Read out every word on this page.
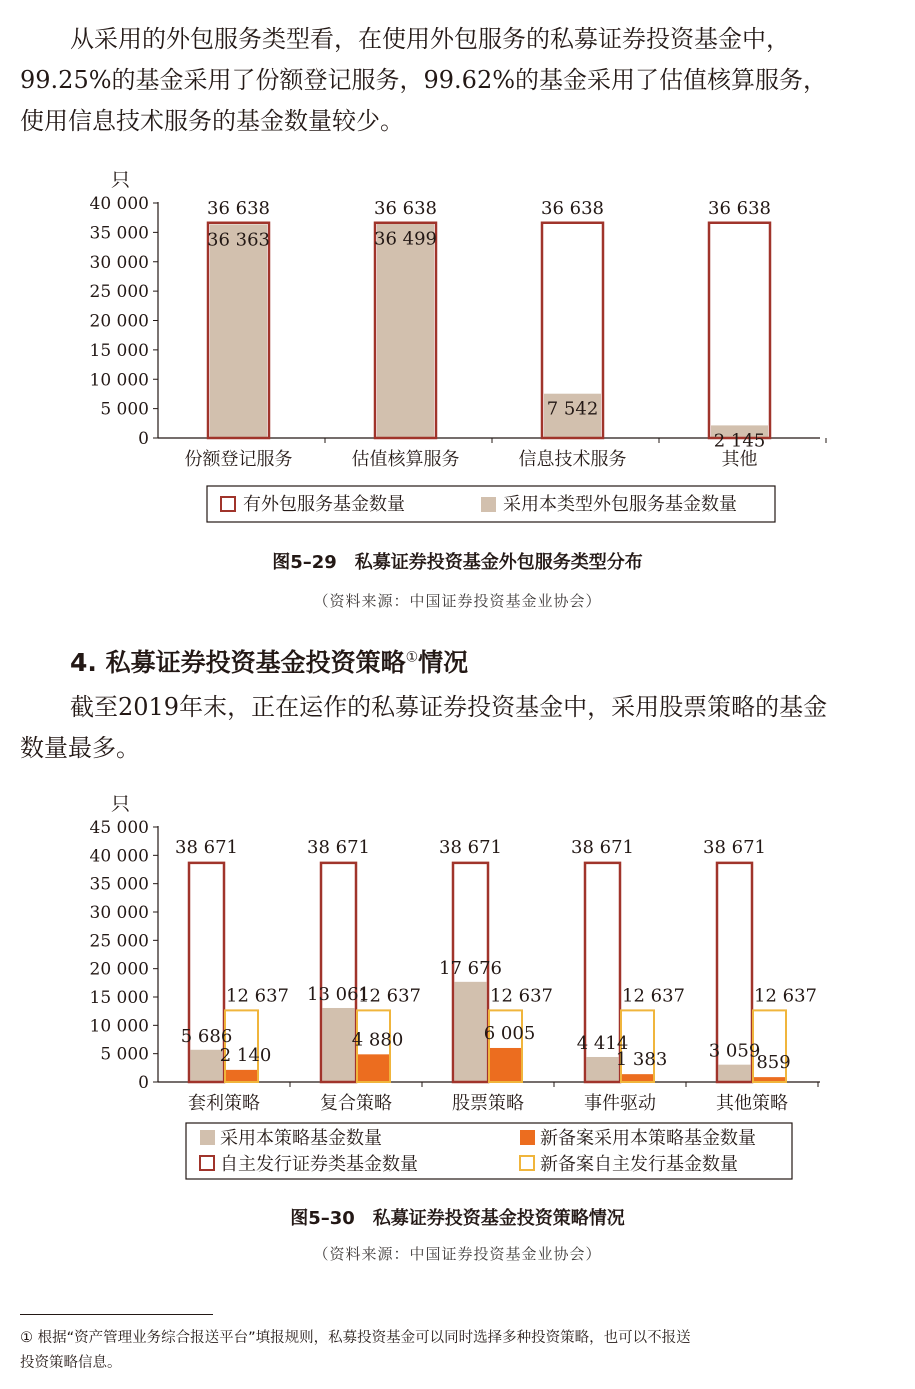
从采用的外包服务类型看，在使用外包服务的私募证券投资基金中，
99.25%的基金采用了份额登记服务，99.62%的基金采用了估值核算服务，
使用信息技术服务的基金数量较少。
只
0
5 000
10 000
15 000
20 000
25 000
30 000
35 000
40 000	36 638
36 363
份额登记服务
36 638
36 499
估值核算服务
36 638
7 542
信息技术服务
36 638
2 145
其他
有外包服务基金数量	采用本类型外包服务基金数量

图5–29　私募证券投资基金外包服务类型分布

（资料来源：中国证券投资基金业协会）

4. 私募证券投资基金投资策略①情况

截至2019年末，正在运作的私募证券投资基金中，采用股票策略的基金
数量最多。
只
0
5 000
10 000
15 000
20 000
25 000
30 000
35 000
40 000
45 000
38 671
5 686
12 637
2 140
套利策略
38 671
13 061
12 637
4 880
复合策略
38 671
17 676
12 637
6 005
股票策略
38 671
4 414
12 637
1 383
事件驱动
38 671
3 059
12 637
859
其他策略
采用本策略基金数量	新备案采用本策略基金数量
自主发行证券类基金数量	新备案自主发行基金数量

图5–30　私募证券投资基金投资策略情况

（资料来源：中国证券投资基金业协会）

① 根据“资产管理业务综合报送平台”填报规则，私募投资基金可以同时选择多种投资策略，也可以不报送
投资策略信息。
